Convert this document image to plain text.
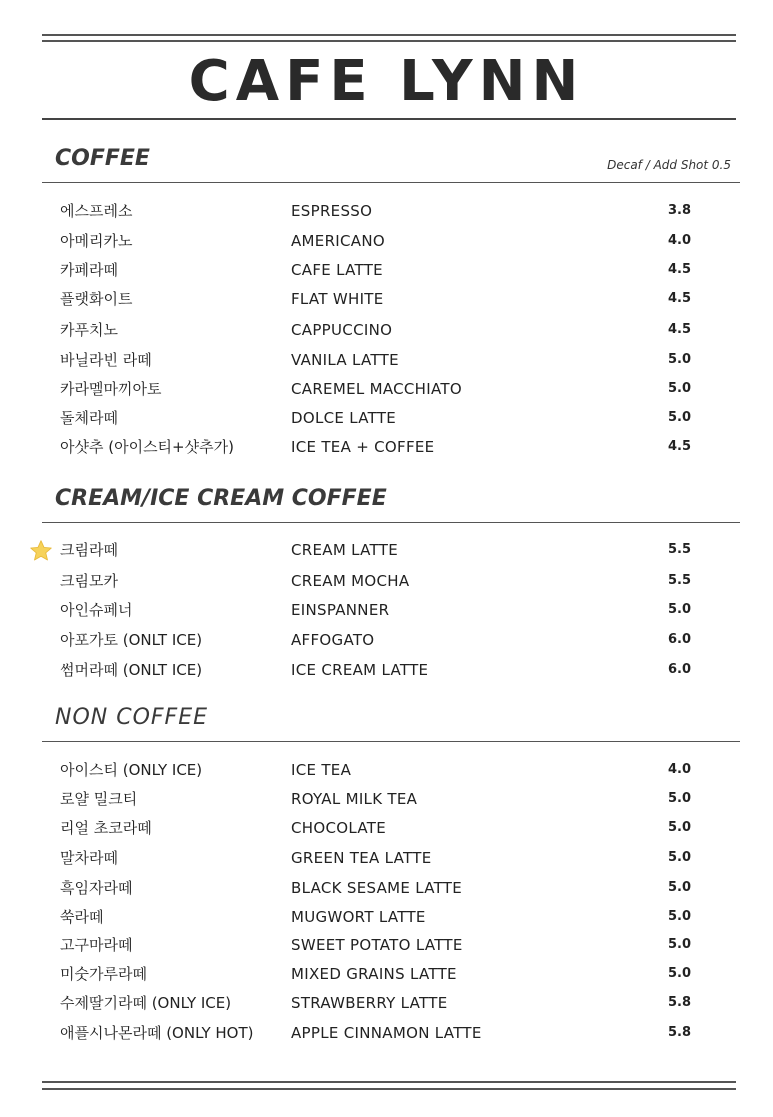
CAFE LYNN
COFFEE	Decaf / Add Shot 0.5
에스프레소	ESPRESSO	3.8
아메리카노	AMERICANO	4.0
카페라떼	CAFE LATTE	4.5
플랫화이트	FLAT WHITE	4.5
카푸치노	CAPPUCCINO	4.5
바닐라빈 라떼	VANILA LATTE	5.0
카라멜마끼아토	CAREMEL MACCHIATO	5.0
돌체라떼	DOLCE LATTE	5.0
아샷추 (아이스티+샷추가)	ICE TEA + COFFEE	4.5
CREAM/ICE CREAM COFFEE
크림라떼	CREAM LATTE	5.5
크림모카	CREAM MOCHA	5.5
아인슈페너	EINSPANNER	5.0
아포가토 (ONLT ICE)	AFFOGATO	6.0
썸머라떼 (ONLT ICE)	ICE CREAM LATTE	6.0
NON COFFEE
아이스티 (ONLY ICE)	ICE TEA	4.0
로얄 밀크티	ROYAL MILK TEA	5.0
리얼 초코라떼	CHOCOLATE	5.0
말차라떼	GREEN TEA LATTE	5.0
흑임자라떼	BLACK SESAME LATTE	5.0
쑥라떼	MUGWORT LATTE	5.0
고구마라떼	SWEET POTATO LATTE	5.0
미숫가루라떼	MIXED GRAINS LATTE	5.0
수제딸기라떼 (ONLY ICE)	STRAWBERRY LATTE	5.8
애플시나몬라떼 (ONLY HOT)	APPLE CINNAMON LATTE	5.8
